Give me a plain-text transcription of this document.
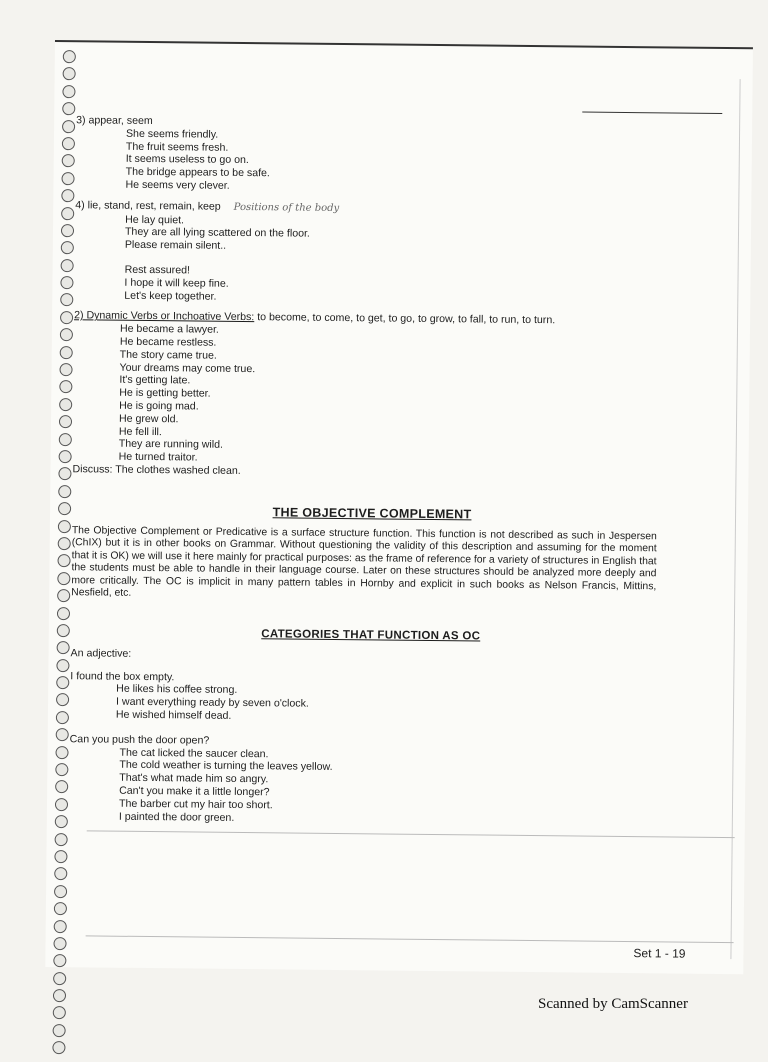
3) appear, seem

She seems friendly.

The fruit seems fresh.

It seems useless to go on.

The bridge appears to be safe.

He seems very clever.

4) lie, stand, rest, remain, keep Positions of the body

He lay quiet.

They are all lying scattered on the floor.

Please remain silent..

Rest assured!

I hope it will keep fine.

Let's keep together.

2) Dynamic Verbs or Inchoative Verbs: to become, to come, to get, to go, to grow, to fall, to run, to turn.

He became a lawyer.

He became restless.

The story came true.

Your dreams may come true.

It's getting late.

He is getting better.

He is going mad.

He grew old.

He fell ill.

They are running wild.

He turned traitor.

Discuss: The clothes washed clean.

THE OBJECTIVE COMPLEMENT

The Objective Complement or Predicative is a surface structure function. This function is not described as such in Jespersen (ChIX) but it is in other books on Grammar. Without questioning the validity of this description and assuming for the moment that it is OK) we will use it here mainly for practical purposes: as the frame of reference for a variety of structures in English that the students must be able to handle in their language course. Later on these structures should be analyzed more deeply and more critically. The OC is implicit in many pattern tables in Hornby and explicit in such books as Nelson Francis, Mittins, Nesfield, etc.

CATEGORIES THAT FUNCTION AS OC

An adjective:

I found the box empty.

He likes his coffee strong.

I want everything ready by seven o'clock.

He wished himself dead.

Can you push the door open?

The cat licked the saucer clean.

The cold weather is turning the leaves yellow.

That's what made him so angry.

Can't you make it a little longer?

The barber cut my hair too short.

I painted the door green.

Set 1 - 19
Scanned by CamScanner
